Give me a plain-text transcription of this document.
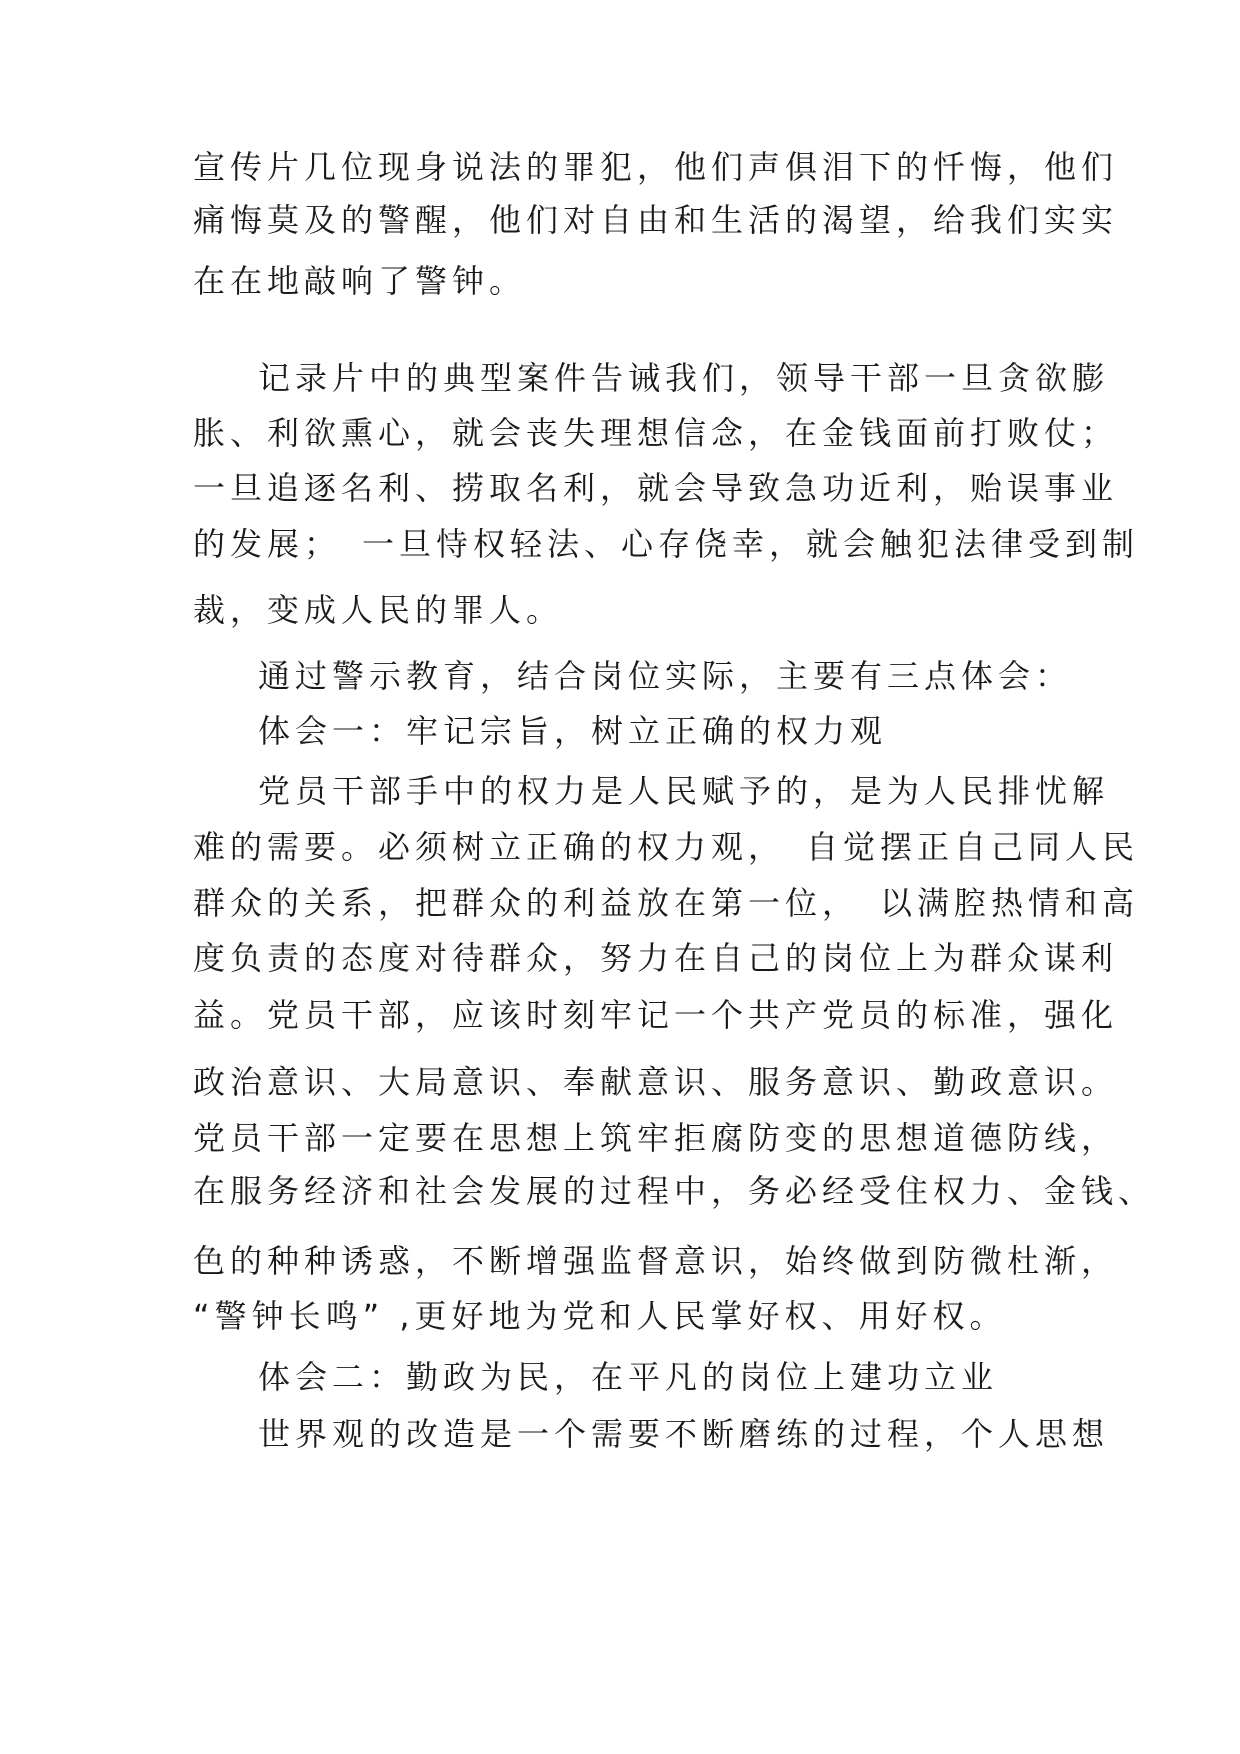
宣传片几位现身说法的罪犯，他们声俱泪下的忏悔，他们

痛悔莫及的警醒，他们对自由和生活的渴望，给我们实实

在在地敲响了警钟。

记录片中的典型案件告诫我们，领导干部一旦贪欲膨

胀、利欲熏心，就会丧失理想信念，在金钱面前打败仗；

一旦追逐名利、捞取名利，就会导致急功近利，贻误事业

的发展；　一旦恃权轻法、心存侥幸，就会触犯法律受到制

裁，变成人民的罪人。

通过警示教育，结合岗位实际，主要有三点体会：

体会一：牢记宗旨，树立正确的权力观

党员干部手中的权力是人民赋予的，是为人民排忧解

难的需要。必须树立正确的权力观，　自觉摆正自己同人民

群众的关系，把群众的利益放在第一位，　以满腔热情和高

度负责的态度对待群众，努力在自己的岗位上为群众谋利

益。党员干部，应该时刻牢记一个共产党员的标准，强化

政治意识、大局意识、奉献意识、服务意识、勤政意识。

党员干部一定要在思想上筑牢拒腐防变的思想道德防线，

在服务经济和社会发展的过程中，务必经受住权力、金钱、

色的种种诱惑，不断增强监督意识，始终做到防微杜渐，

“警钟长鸣” ,更好地为党和人民掌好权、用好权。

体会二：勤政为民，在平凡的岗位上建功立业

世界观的改造是一个需要不断磨练的过程，个人思想
